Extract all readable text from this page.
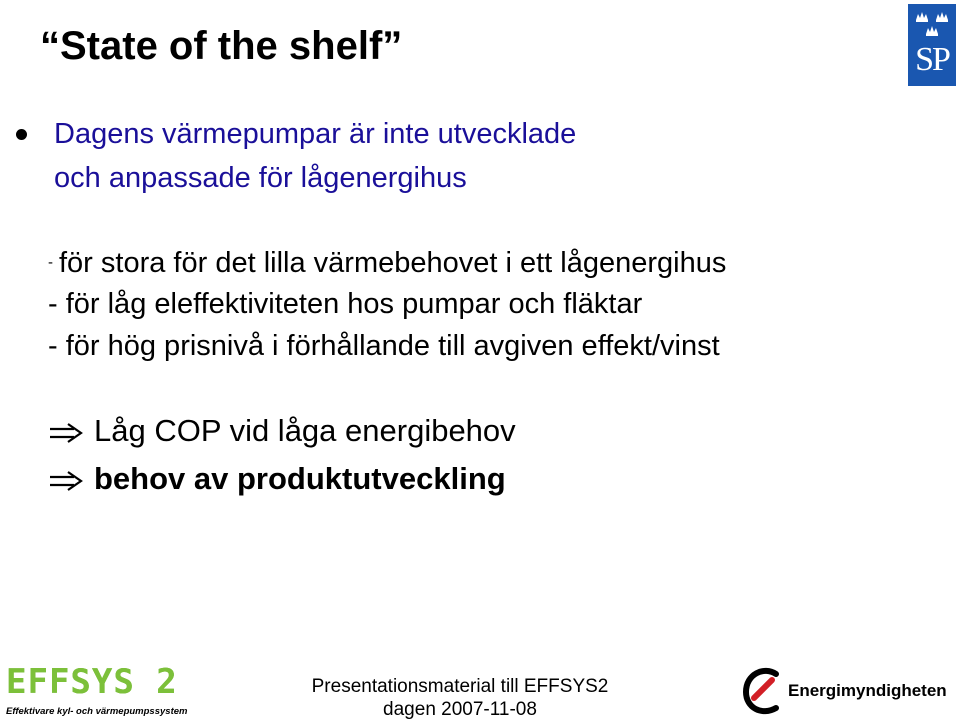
“State of the shelf”	SP
Dagens värmepumpar är inte utvecklade
och anpassade för lågenergihus
- för stora för det lilla värmebehovet i ett lågenergihus
- för låg eleffektiviteten hos pumpar och fläktar
- för hög prisnivå i förhållande till avgiven effekt/vinst
Låg COP vid låga energibehov
behov av produktutveckling
EFFSYS 2
Effektivare kyl- och värmepumpssystem
Presentationsmaterial till EFFSYS2
dagen 2007-11-08
Energimyndigheten
